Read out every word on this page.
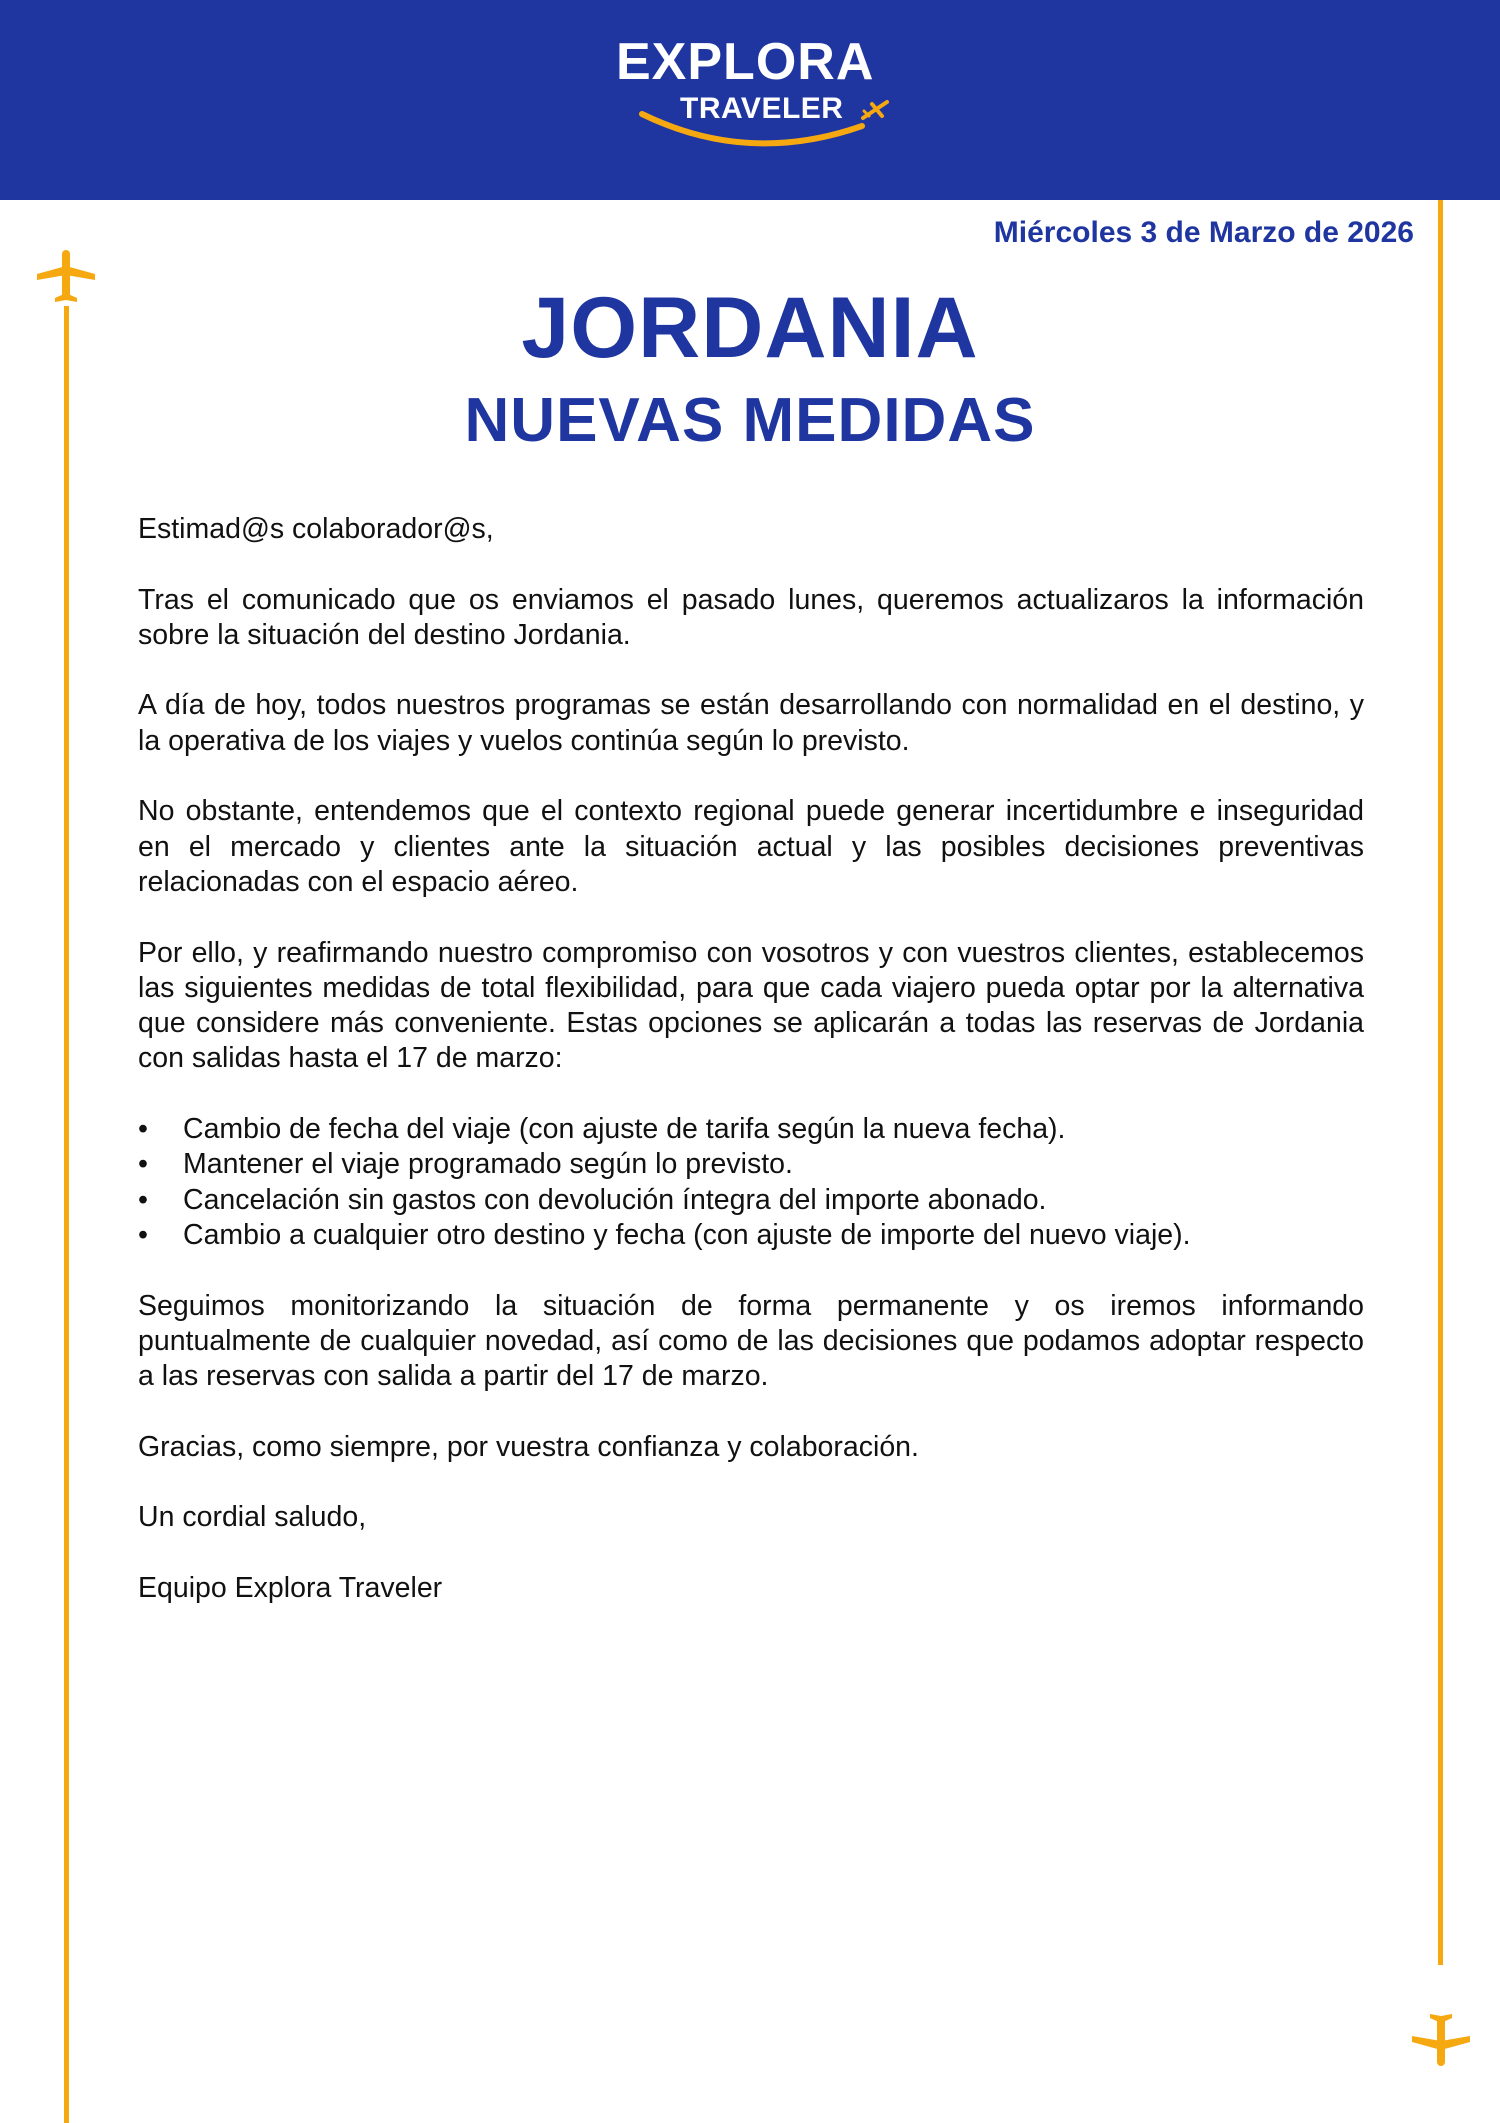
EXPLORA
TRAVELER
Miércoles 3 de Marzo de 2026
JORDANIA
NUEVAS MEDIDAS

Estimad@s colaborador@s,

Tras el comunicado que os enviamos el pasado lunes, queremos actualizaros la información sobre la situación del destino Jordania.

A día de hoy, todos nuestros programas se están desarrollando con normalidad en el destino, y la operativa de los viajes y vuelos continúa según lo previsto.

No obstante, entendemos que el contexto regional puede generar incertidumbre e inseguridad en el mercado y clientes ante la situación actual y las posibles decisiones preventivas relacionadas con el espacio aéreo.

Por ello, y reafirmando nuestro compromiso con vosotros y con vuestros clientes, establecemos las siguientes medidas de total flexibilidad, para que cada viajero pueda optar por la alternativa que considere más conveniente. Estas opciones se aplicarán a todas las reservas de Jordania con salidas hasta el 17 de marzo:

• Cambio de fecha del viaje (con ajuste de tarifa según la nueva fecha).
• Mantener el viaje programado según lo previsto.
• Cancelación sin gastos con devolución íntegra del importe abonado.
• Cambio a cualquier otro destino y fecha (con ajuste de importe del nuevo viaje).

Seguimos monitorizando la situación de forma permanente y os iremos informando puntualmente de cualquier novedad, así como de las decisiones que podamos adoptar respecto a las reservas con salida a partir del 17 de marzo.

Gracias, como siempre, por vuestra confianza y colaboración.

Un cordial saludo,

Equipo Explora Traveler
